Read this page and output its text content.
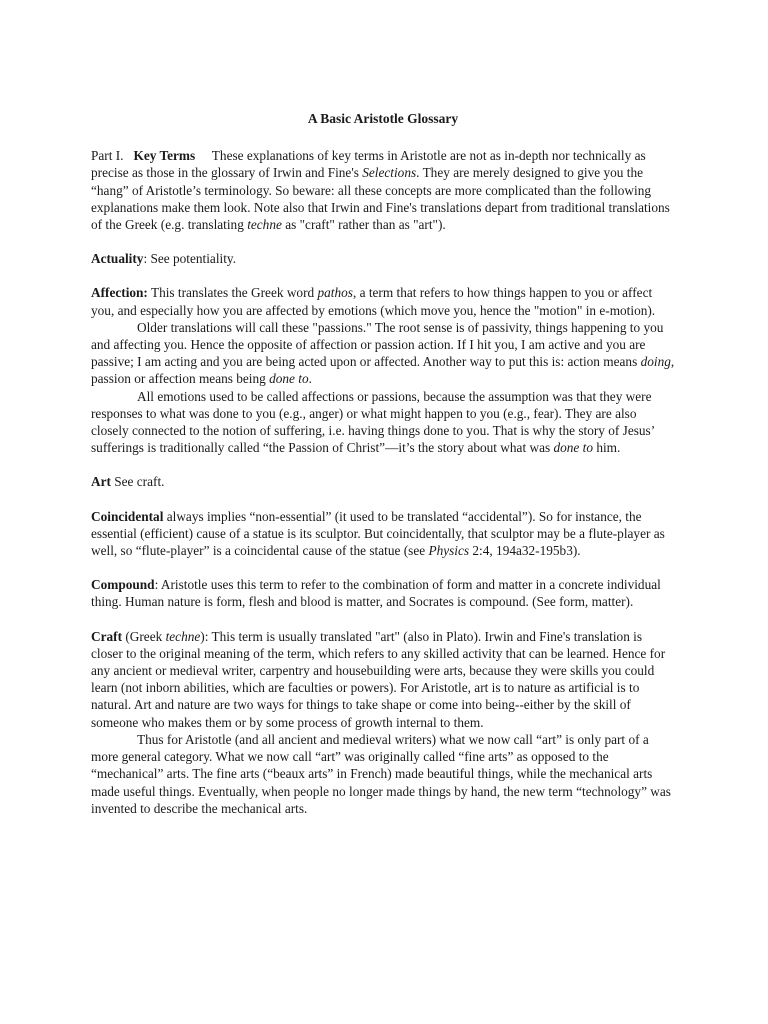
A Basic Aristotle Glossary

Part I. Key Terms These explanations of key terms in Aristotle are not as in-depth nor technically as precise as those in the glossary of Irwin and Fine's Selections. They are merely designed to give you the “hang” of Aristotle’s terminology. So beware: all these concepts are more complicated than the following explanations make them look. Note also that Irwin and Fine's translations depart from traditional translations of the Greek (e.g. translating techne as "craft" rather than as "art").

Actuality: See potentiality.

Affection: This translates the Greek word pathos, a term that refers to how things happen to you or affect you, and especially how you are affected by emotions (which move you, hence the "motion" in e-motion).

Older translations will call these "passions." The root sense is of passivity, things happening to you and affecting you. Hence the opposite of affection or passion action. If I hit you, I am active and you are passive; I am acting and you are being acted upon or affected. Another way to put this is: action means doing, passion or affection means being done to.

All emotions used to be called affections or passions, because the assumption was that they were responses to what was done to you (e.g., anger) or what might happen to you (e.g., fear). They are also closely connected to the notion of suffering, i.e. having things done to you. That is why the story of Jesus’ sufferings is traditionally called “the Passion of Christ”—it’s the story about what was done to him.

Art See craft.

Coincidental always implies “non-essential” (it used to be translated “accidental”). So for instance, the essential (efficient) cause of a statue is its sculptor. But coincidentally, that sculptor may be a flute-player as well, so “flute-player” is a coincidental cause of the statue (see Physics 2:4, 194a32-195b3).

Compound: Aristotle uses this term to refer to the combination of form and matter in a concrete individual thing. Human nature is form, flesh and blood is matter, and Socrates is compound. (See form, matter).

Craft (Greek techne): This term is usually translated "art" (also in Plato). Irwin and Fine's translation is closer to the original meaning of the term, which refers to any skilled activity that can be learned. Hence for any ancient or medieval writer, carpentry and housebuilding were arts, because they were skills you could learn (not inborn abilities, which are faculties or powers). For Aristotle, art is to nature as artificial is to natural. Art and nature are two ways for things to take shape or come into being--either by the skill of someone who makes them or by some process of growth internal to them.

Thus for Aristotle (and all ancient and medieval writers) what we now call “art” is only part of a more general category. What we now call “art” was originally called “fine arts” as opposed to the “mechanical” arts. The fine arts (“beaux arts” in French) made beautiful things, while the mechanical arts made useful things. Eventually, when people no longer made things by hand, the new term “technology” was invented to describe the mechanical arts.
